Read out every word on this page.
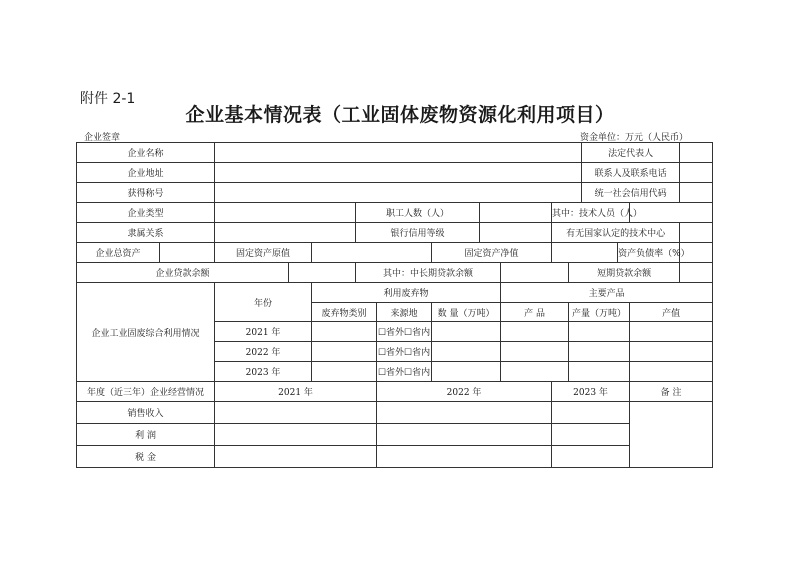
附件 2-1
企业基本情况表（工业固体废物资源化利用项目）
企业签章	资金单位：万元（人民币）
企业名称												法定代表人			
企业地址												联系人及联系电话			
获得称号												统一社会信用代码			
企业类型					职工人数（人）					其中：技术人员（人）					
隶属关系					银行信用等级					有无国家认定的技术中心					
企业总资产		固定资产原值					固定资产净值						资产负债率（%）		
企业贷款余额					其中：中长期贷款余额						短期贷款余额				
企业工业固废综合利用情况		年份		利用废弃物					主要产品						
				废弃物类别		来源地	数 量（万吨）		产 品		产量（万吨）			产值	
		2021 年				☐省外☐省内									
		2022 年				☐省外☐省内									
		2023 年				☐省外☐省内									
年度（近三年）企业经营情况		2021 年				2022 年				2023 年				备 注	
销售收入															
利 润															
税 金															
